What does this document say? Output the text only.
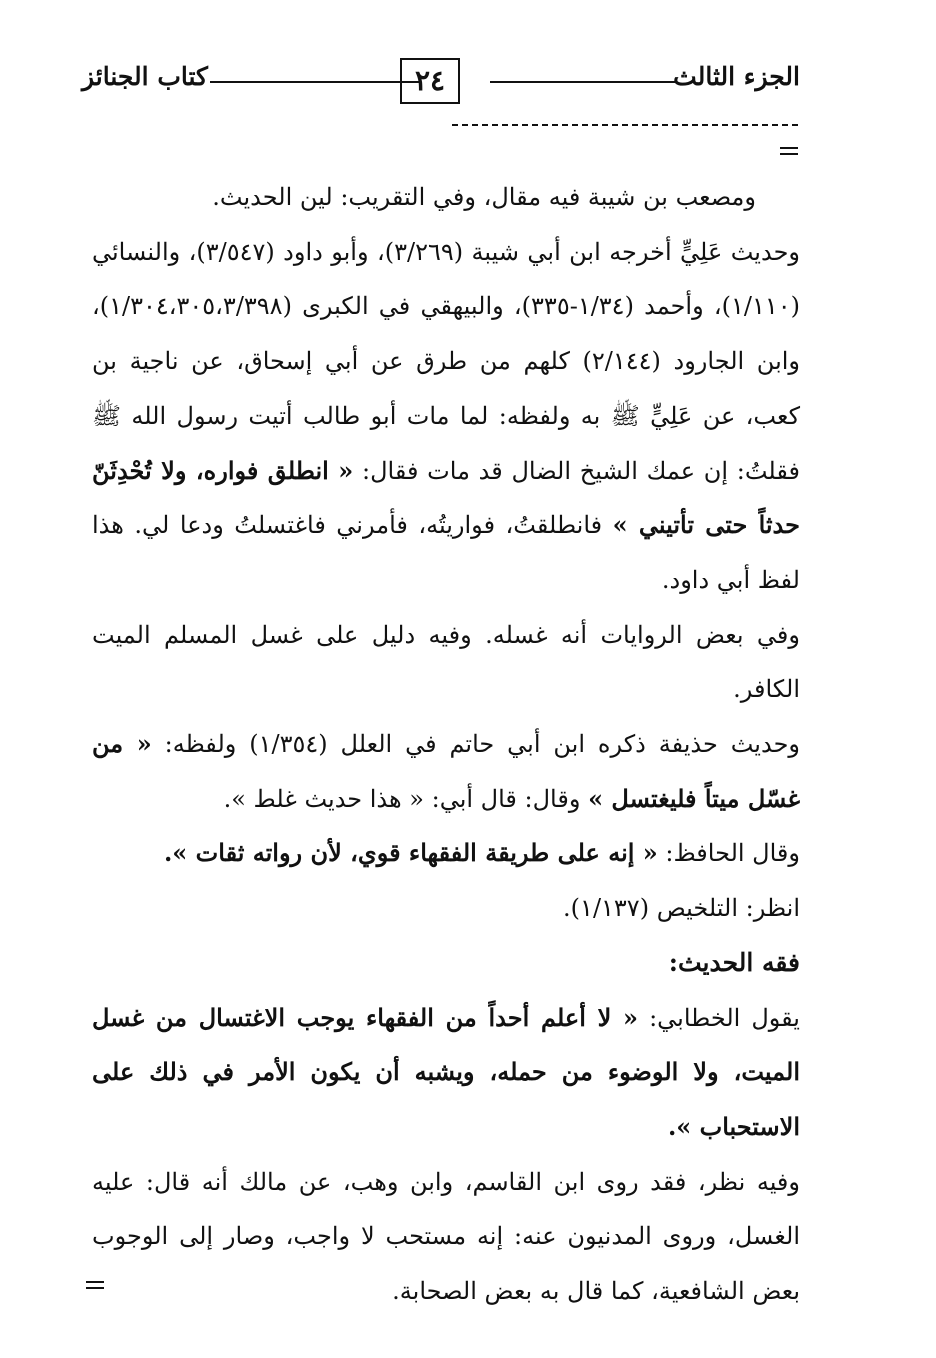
الجزء الثالث
٢٤
كتاب الجنائز

ومصعب بن شيبة فيه مقال، وفي التقريب: لين الحديث.

وحديث عَلِيٍّ أخرجه ابن أبي شيبة (٣/٢٦٩)، وأبو داود (٣/٥٤٧)، والنسائي (١/١١٠)، وأحمد (١/٣٤-٣٣٥)، والبيهقي في الكبرى (١/٣٠٤،٣٠٥،٣/٣٩٨)، وابن الجارود (٢/١٤٤) كلهم من طرق عن أبي إسحاق، عن ناجية بن كعب، عن عَلِيٍّ ﷺ به ولفظه: لما مات أبو طالب أتيت رسول الله ﷺ فقلتُ: إن عمك الشيخ الضال قد مات فقال: « انطلق فواره، ولا تُحْدِثَنّ حدثاً حتى تأتيني » فانطلقتُ، فواريتُه، فأمرني فاغتسلتُ ودعا لي. هذا لفظ أبي داود.

وفي بعض الروايات أنه غسله. وفيه دليل على غسل المسلم الميت الكافر.

وحديث حذيفة ذكره ابن أبي حاتم في العلل (١/٣٥٤) ولفظه: « من غسّل ميتاً فليغتسل » وقال: قال أبي: « هذا حديث غلط ».

وقال الحافظ: « إنه على طريقة الفقهاء قوي، لأن رواته ثقات ».

انظر: التلخيص (١/١٣٧).

فقه الحديث:

يقول الخطابي: « لا أعلم أحداً من الفقهاء يوجب الاغتسال من غسل الميت، ولا الوضوء من حمله، ويشبه أن يكون الأمر في ذلك على الاستحباب ».

وفيه نظر، فقد روى ابن القاسم، وابن وهب، عن مالك أنه قال: عليه الغسل، وروى المدنيون عنه: إنه مستحب لا واجب، وصار إلى الوجوب بعض الشافعية، كما قال به بعض الصحابة.
